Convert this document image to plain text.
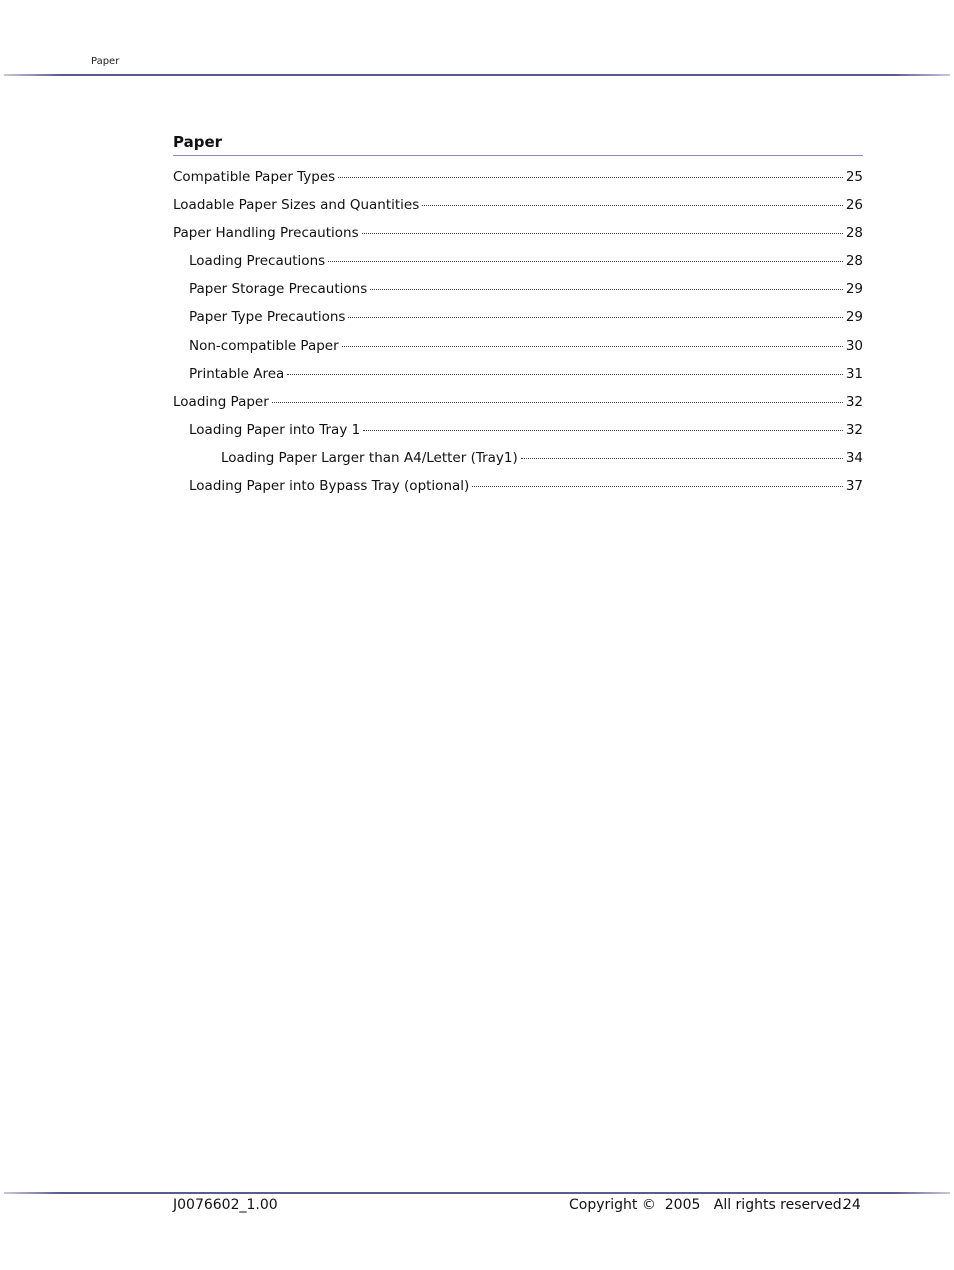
Paper
Paper
Compatible Paper Types	25
Loadable Paper Sizes and Quantities	26
Paper Handling Precautions	28
Loading Precautions	28
Paper Storage Precautions	29
Paper Type Precautions	29
Non-compatible Paper	30
Printable Area	31
Loading Paper	32
Loading Paper into Tray 1	32
Loading Paper Larger than A4/Letter (Tray1)	34
Loading Paper into Bypass Tray (optional)	37
J0076602_1.00	Copyright ©  2005   All rights reserved.
24
